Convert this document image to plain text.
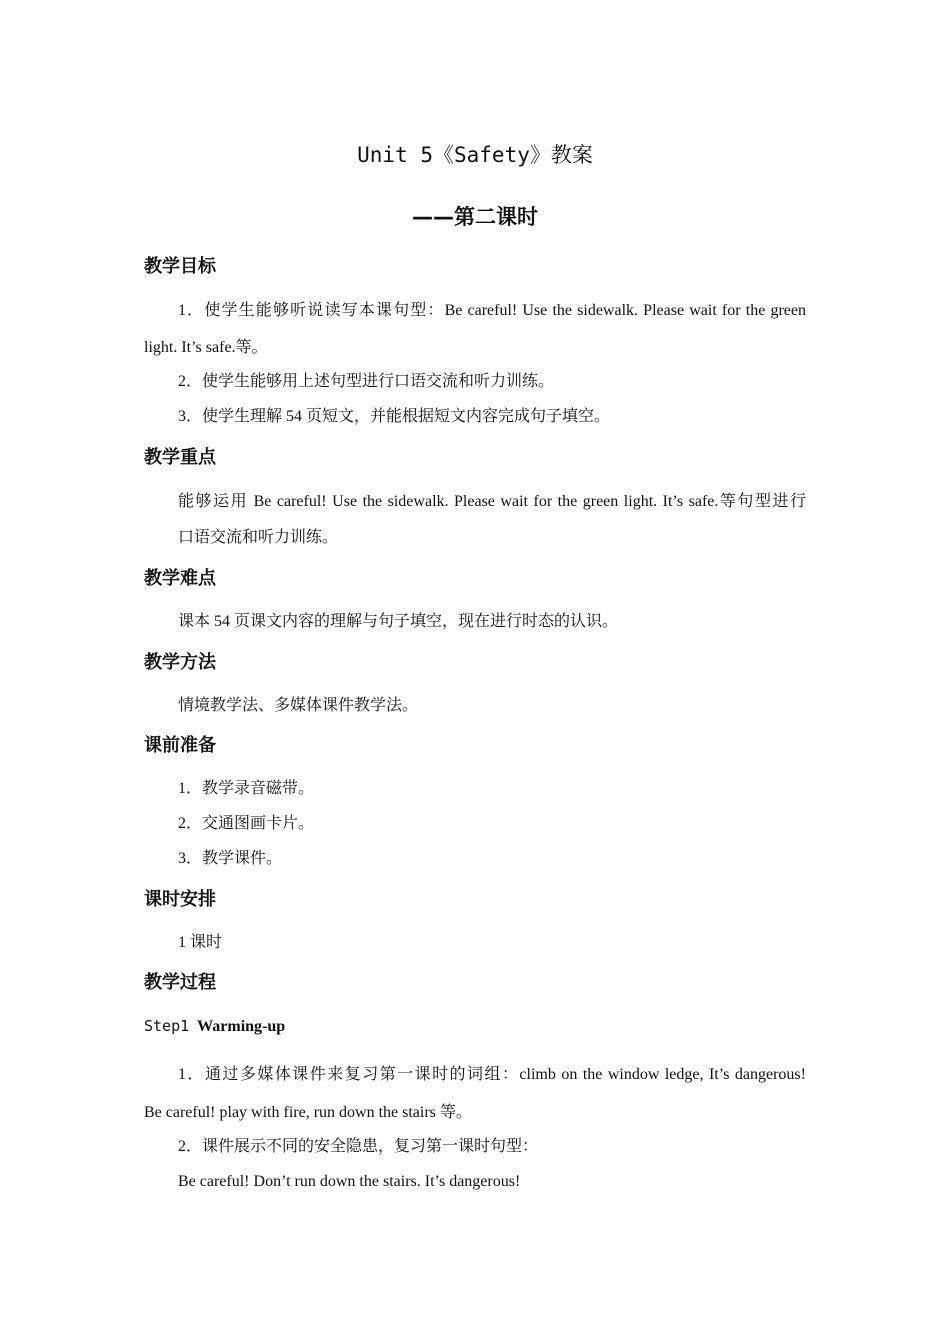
Unit 5《Safety》教案
——第二课时
教学目标
1．使学生能够听说读写本课句型：Be careful! Use the sidewalk. Please wait for the green
light. It’s safe.等。
2．使学生能够用上述句型进行口语交流和听力训练。
3．使学生理解 54 页短文，并能根据短文内容完成句子填空。
教学重点
能够运用 Be careful! Use the sidewalk. Please wait for the green light. It’s safe.等句型进行
口语交流和听力训练。
教学难点
课本 54 页课文内容的理解与句子填空，现在进行时态的认识。
教学方法
情境教学法、多媒体课件教学法。
课前准备
1．教学录音磁带。
2．交通图画卡片。
3．教学课件。
课时安排
1 课时
教学过程
Step1 Warming-up
1．通过多媒体课件来复习第一课时的词组：climb on the window ledge, It’s dangerous!
Be careful! play with fire, run down the stairs 等。
2．课件展示不同的安全隐患，复习第一课时句型：
Be careful! Don’t run down the stairs. It’s dangerous!
